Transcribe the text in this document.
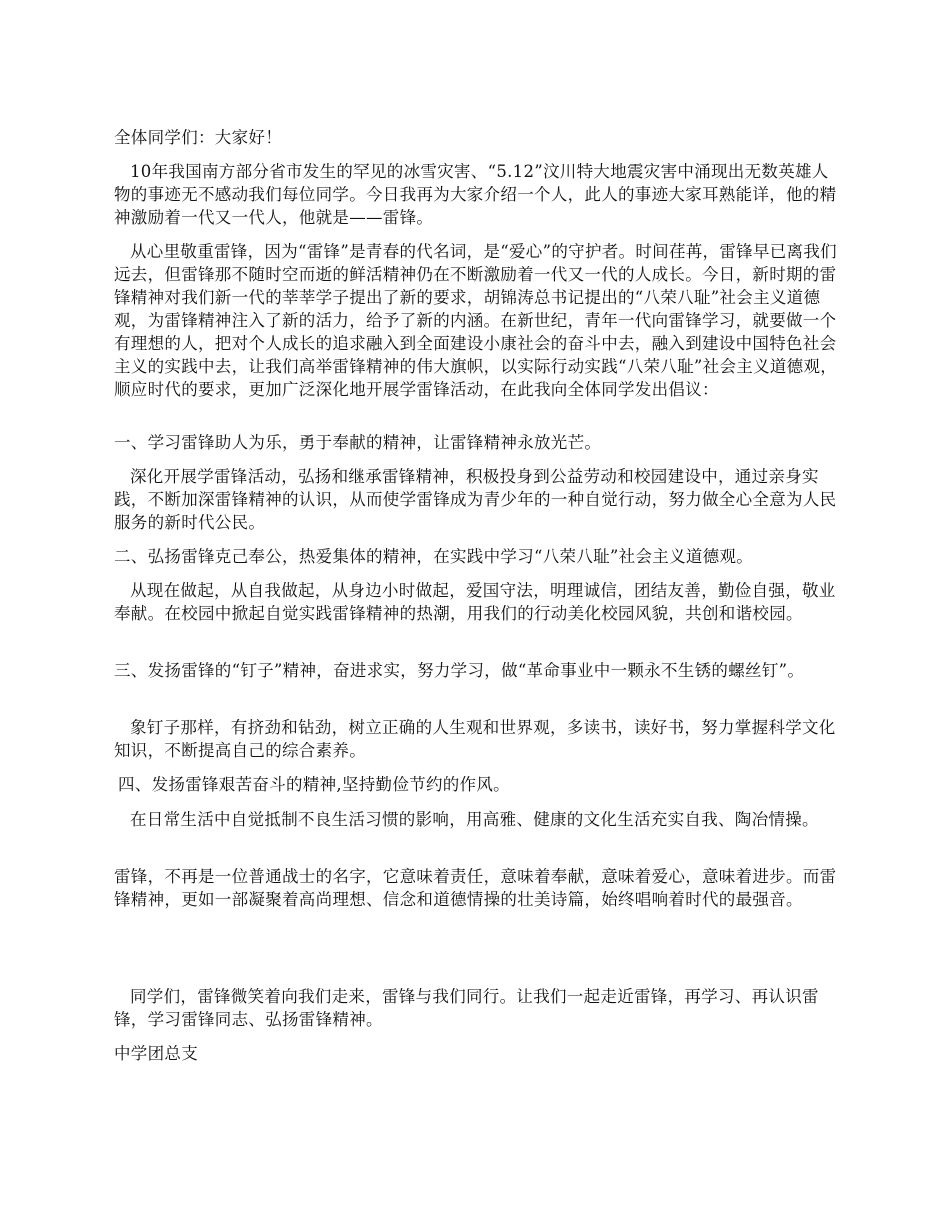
全体同学们：大家好！

10年我国南方部分省市发生的罕见的冰雪灾害、“5.12”汶川特大地震灾害中涌现出无数英雄人物的事迹无不感动我们每位同学。今日我再为大家介绍一个人，此人的事迹大家耳熟能详，他的精神激励着一代又一代人，他就是——雷锋。

从心里敬重雷锋，因为“雷锋”是青春的代名词，是“爱心”的守护者。时间荏苒，雷锋早已离我们远去，但雷锋那不随时空而逝的鲜活精神仍在不断激励着一代又一代的人成长。今日，新时期的雷锋精神对我们新一代的莘莘学子提出了新的要求，胡锦涛总书记提出的“八荣八耻”社会主义道德观，为雷锋精神注入了新的活力，给予了新的内涵。在新世纪，青年一代向雷锋学习，就要做一个有理想的人，把对个人成长的追求融入到全面建设小康社会的奋斗中去，融入到建设中国特色社会主义的实践中去，让我们高举雷锋精神的伟大旗帜，以实际行动实践“八荣八耻”社会主义道德观，顺应时代的要求，更加广泛深化地开展学雷锋活动，在此我向全体同学发出倡议：

一、学习雷锋助人为乐，勇于奉献的精神，让雷锋精神永放光芒。

深化开展学雷锋活动，弘扬和继承雷锋精神，积极投身到公益劳动和校园建设中，通过亲身实践，不断加深雷锋精神的认识，从而使学雷锋成为青少年的一种自觉行动，努力做全心全意为人民服务的新时代公民。

二、弘扬雷锋克己奉公，热爱集体的精神，在实践中学习“八荣八耻”社会主义道德观。

从现在做起，从自我做起，从身边小时做起，爱国守法，明理诚信，团结友善，勤俭自强，敬业奉献。在校园中掀起自觉实践雷锋精神的热潮，用我们的行动美化校园风貌，共创和谐校园。

三、发扬雷锋的“钉子”精神，奋进求实，努力学习，做“革命事业中一颗永不生锈的螺丝钉”。

象钉子那样，有挤劲和钻劲，树立正确的人生观和世界观，多读书，读好书，努力掌握科学文化知识，不断提高自己的综合素养。

四、发扬雷锋艰苦奋斗的精神,坚持勤俭节约的作风。

在日常生活中自觉抵制不良生活习惯的影响，用高雅、健康的文化生活充实自我、陶冶情操。

雷锋，不再是一位普通战士的名字，它意味着责任，意味着奉献，意味着爱心，意味着进步。而雷锋精神，更如一部凝聚着高尚理想、信念和道德情操的壮美诗篇，始终唱响着时代的最强音。

同学们，雷锋微笑着向我们走来，雷锋与我们同行。让我们一起走近雷锋，再学习、再认识雷锋，学习雷锋同志、弘扬雷锋精神。

中学团总支
